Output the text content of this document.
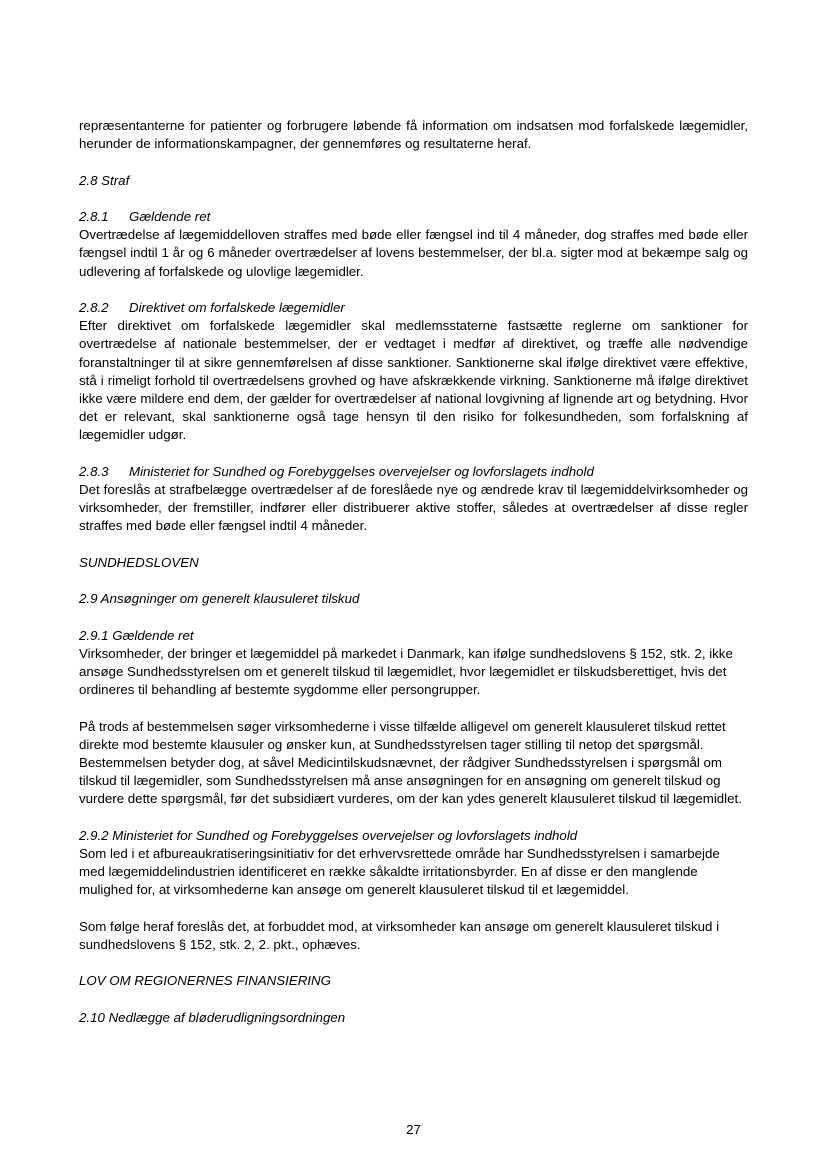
repræsentanterne for patienter og forbrugere løbende få information om indsatsen mod forfalskede lægemidler, herunder de informationskampagner, der gennemføres og resultaterne heraf.

2.8 Straf

2.8.1 Gældende ret

Overtrædelse af lægemiddelloven straffes med bøde eller fængsel ind til 4 måneder, dog straffes med bøde eller fængsel indtil 1 år og 6 måneder overtrædelser af lovens bestemmelser, der bl.a. sigter mod at bekæmpe salg og udlevering af forfalskede og ulovlige lægemidler.

2.8.2 Direktivet om forfalskede lægemidler

Efter direktivet om forfalskede lægemidler skal medlemsstaterne fastsætte reglerne om sanktioner for overtrædelse af nationale bestemmelser, der er vedtaget i medfør af direktivet, og træffe alle nødvendige foranstaltninger til at sikre gennemførelsen af disse sanktioner. Sanktionerne skal ifølge direktivet være effektive, stå i rimeligt forhold til overtrædelsens grovhed og have afskrækkende virkning. Sanktionerne må ifølge direktivet ikke være mildere end dem, der gælder for overtrædelser af national lovgivning af lignende art og betydning. Hvor det er relevant, skal sanktionerne også tage hensyn til den risiko for folkesundheden, som forfalskning af lægemidler udgør.

2.8.3 Ministeriet for Sundhed og Forebyggelses overvejelser og lovforslagets indhold

Det foreslås at strafbelægge overtrædelser af de foreslåede nye og ændrede krav til lægemiddelvirksomheder og virksomheder, der fremstiller, indfører eller distribuerer aktive stoffer, således at overtrædelser af disse regler straffes med bøde eller fængsel indtil 4 måneder.

SUNDHEDSLOVEN

2.9 Ansøgninger om generelt klausuleret tilskud

2.9.1 Gældende ret

Virksomheder, der bringer et lægemiddel på markedet i Danmark, kan ifølge sundhedslovens § 152, stk. 2, ikke ansøge Sundhedsstyrelsen om et generelt tilskud til lægemidlet, hvor lægemidlet er tilskudsberettiget, hvis det ordineres til behandling af bestemte sygdomme eller persongrupper.

På trods af bestemmelsen søger virksomhederne i visse tilfælde alligevel om generelt klausuleret tilskud rettet direkte mod bestemte klausuler og ønsker kun, at Sundhedsstyrelsen tager stilling til netop det spørgsmål. Bestemmelsen betyder dog, at såvel Medicintilskudsnævnet, der rådgiver Sundhedsstyrelsen i spørgsmål om tilskud til lægemidler, som Sundhedsstyrelsen må anse ansøgningen for en ansøgning om generelt tilskud og vurdere dette spørgsmål, før det subsidiært vurderes, om der kan ydes generelt klausuleret tilskud til lægemidlet.

2.9.2 Ministeriet for Sundhed og Forebyggelses overvejelser og lovforslagets indhold

Som led i et afbureaukratiseringsinitiativ for det erhvervsrettede område har Sundhedsstyrelsen i samarbejde med lægemiddelindustrien identificeret en række såkaldte irritationsbyrder. En af disse er den manglende mulighed for, at virksomhederne kan ansøge om generelt klausuleret tilskud til et lægemiddel.

Som følge heraf foreslås det, at forbuddet mod, at virksomheder kan ansøge om generelt klausuleret tilskud i sundhedslovens § 152, stk. 2, 2. pkt., ophæves.

LOV OM REGIONERNES FINANSIERING

2.10 Nedlægge af bløderudligningsordningen

27
